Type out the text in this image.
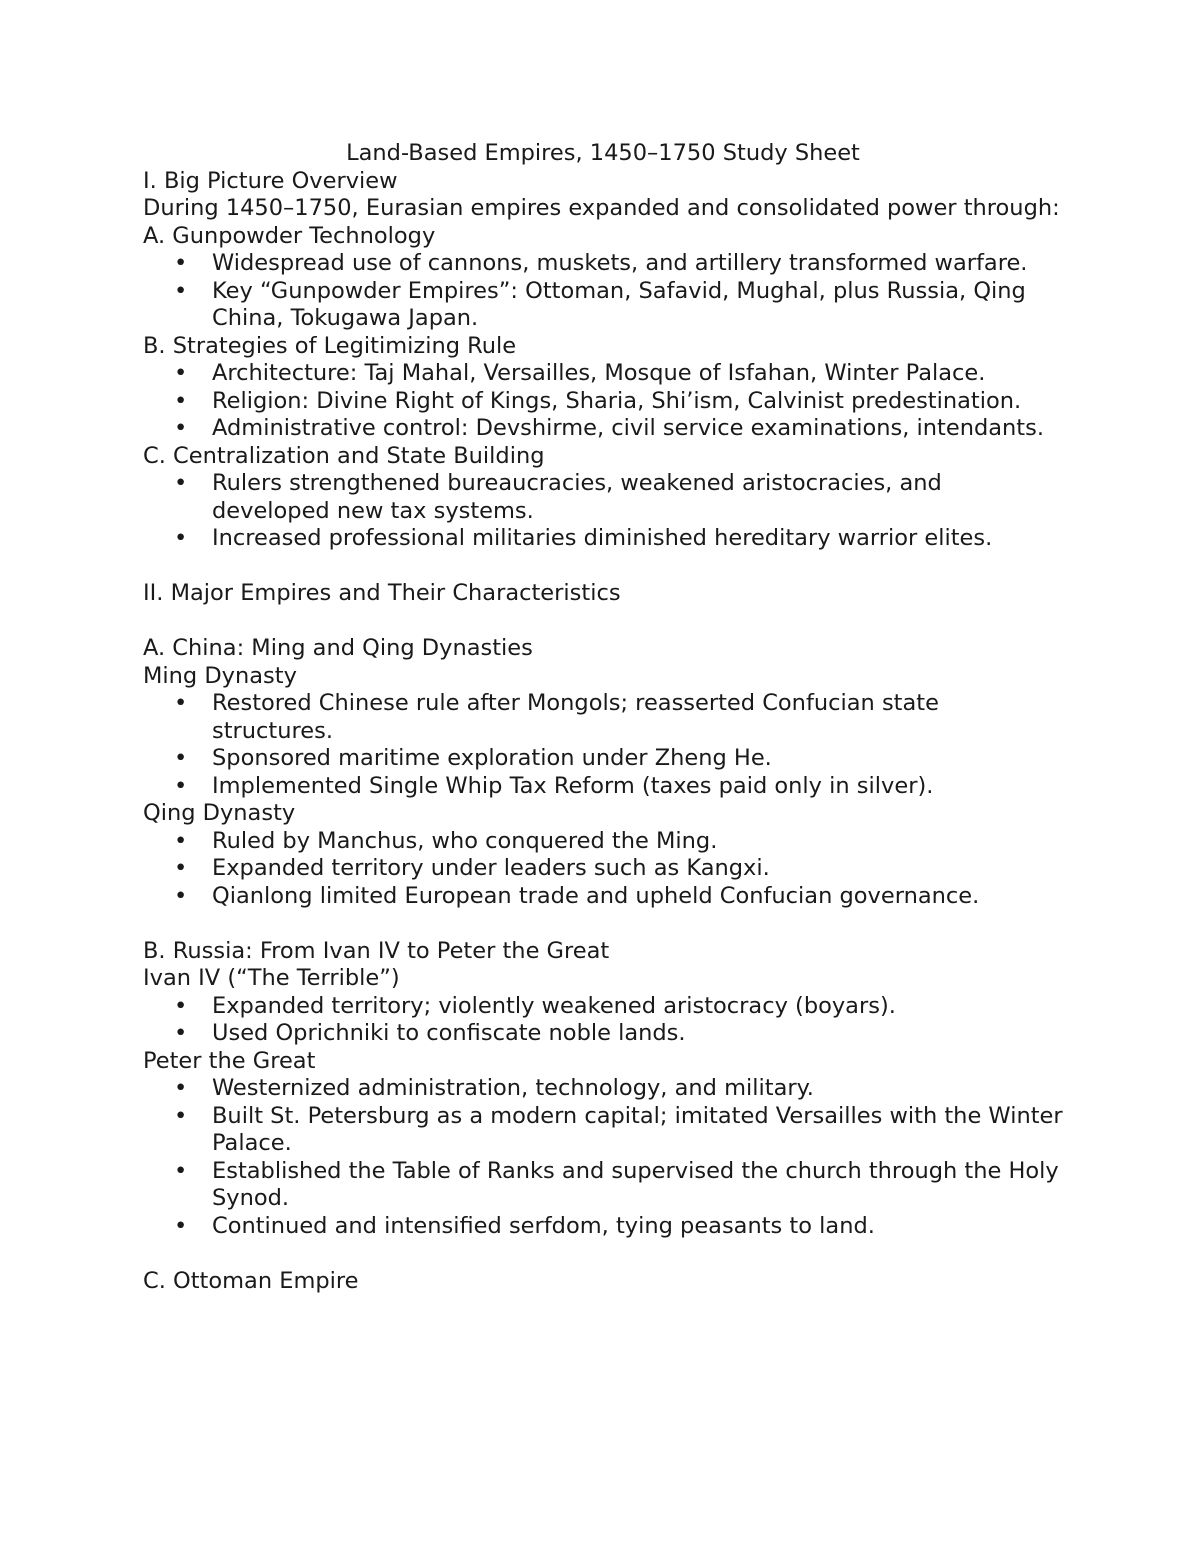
Land-Based Empires, 1450–1750 Study Sheet

I. Big Picture Overview

During 1450–1750, Eurasian empires expanded and consolidated power through:

A. Gunpowder Technology

• Widespread use of cannons, muskets, and artillery transformed warfare.
• Key “Gunpowder Empires”: Ottoman, Safavid, Mughal, plus Russia, Qing China, Tokugawa Japan.

B. Strategies of Legitimizing Rule

• Architecture: Taj Mahal, Versailles, Mosque of Isfahan, Winter Palace.
• Religion: Divine Right of Kings, Sharia, Shi’ism, Calvinist predestination.
• Administrative control: Devshirme, civil service examinations, intendants.

C. Centralization and State Building

• Rulers strengthened bureaucracies, weakened aristocracies, and developed new tax systems.
• Increased professional militaries diminished hereditary warrior elites.

II. Major Empires and Their Characteristics

A. China: Ming and Qing Dynasties

Ming Dynasty

• Restored Chinese rule after Mongols; reasserted Confucian state structures.
• Sponsored maritime exploration under Zheng He.
• Implemented Single Whip Tax Reform (taxes paid only in silver).

Qing Dynasty

• Ruled by Manchus, who conquered the Ming.
• Expanded territory under leaders such as Kangxi.
• Qianlong limited European trade and upheld Confucian governance.

B. Russia: From Ivan IV to Peter the Great

Ivan IV (“The Terrible”)

• Expanded territory; violently weakened aristocracy (boyars).
• Used Oprichniki to confiscate noble lands.

Peter the Great

• Westernized administration, technology, and military.
• Built St. Petersburg as a modern capital; imitated Versailles with the Winter Palace.
• Established the Table of Ranks and supervised the church through the Holy Synod.
• Continued and intensified serfdom, tying peasants to land.

C. Ottoman Empire
